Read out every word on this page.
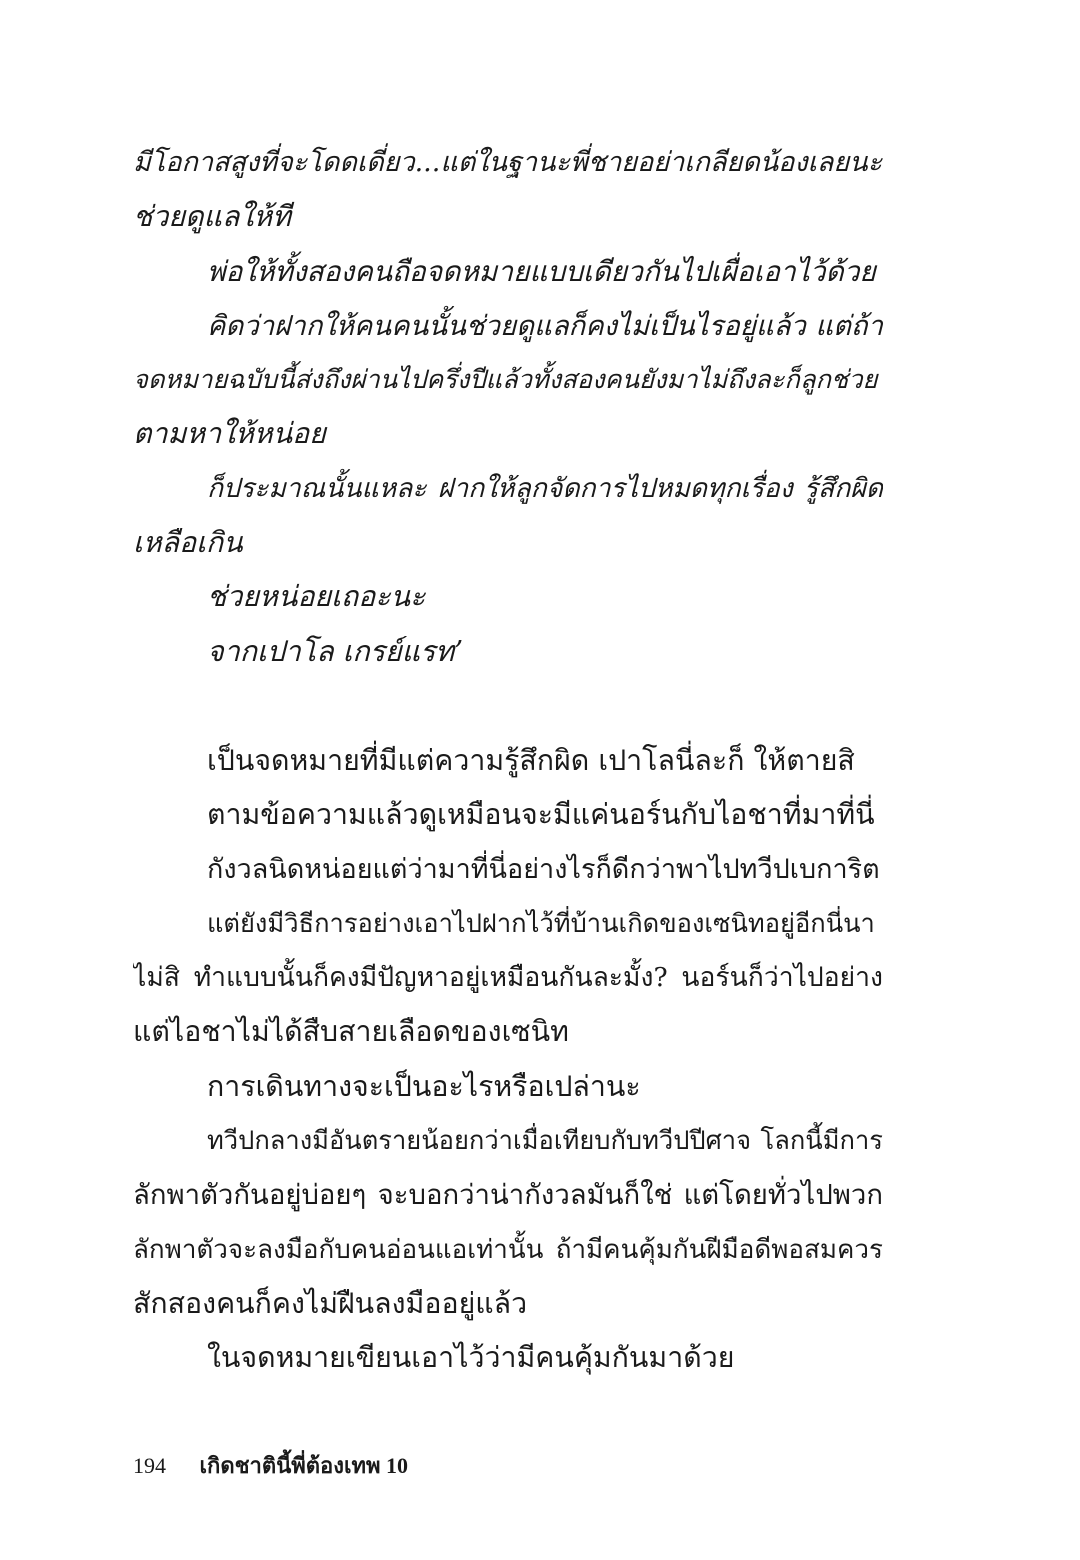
มีโอกาสสูงที่จะโดดเดี่ยว...แต่ในฐานะพี่ชายอย่าเกลียดน้องเลยนะ
ช่วยดูแลให้ที
พ่อให้ทั้งสองคนถือจดหมายแบบเดียวกันไปเผื่อเอาไว้ด้วย
คิดว่าฝากให้คนคนนั้นช่วยดูแลก็คงไม่เป็นไรอยู่แล้ว แต่ถ้า
จดหมายฉบับนี้ส่งถึงผ่านไปครึ่งปีแล้วทั้งสองคนยังมาไม่ถึงละก็ลูกช่วย
ตามหาให้หน่อย
ก็ประมาณนั้นแหละ ฝากให้ลูกจัดการไปหมดทุกเรื่อง รู้สึกผิด
เหลือเกิน
ช่วยหน่อยเถอะนะ
จากเปาโล เกรย์แรท’
เป็นจดหมายที่มีแต่ความรู้สึกผิด เปาโลนี่ละก็ ให้ตายสิ
ตามข้อความแล้วดูเหมือนจะมีแค่นอร์นกับไอชาที่มาที่นี่
กังวลนิดหน่อยแต่ว่ามาที่นี่อย่างไรก็ดีกว่าพาไปทวีปเบการิต
แต่ยังมีวิธีการอย่างเอาไปฝากไว้ที่บ้านเกิดของเซนิทอยู่อีกนี่นา
ไม่สิ ทำแบบนั้นก็คงมีปัญหาอยู่เหมือนกันละมั้ง? นอร์นก็ว่าไปอย่าง
แต่ไอชาไม่ได้สืบสายเลือดของเซนิท
การเดินทางจะเป็นอะไรหรือเปล่านะ
ทวีปกลางมีอันตรายน้อยกว่าเมื่อเทียบกับทวีปปีศาจ โลกนี้มีการ
ลักพาตัวกันอยู่บ่อยๆ จะบอกว่าน่ากังวลมันก็ใช่ แต่โดยทั่วไปพวก
ลักพาตัวจะลงมือกับคนอ่อนแอเท่านั้น ถ้ามีคนคุ้มกันฝีมือดีพอสมควร
สักสองคนก็คงไม่ฝืนลงมืออยู่แล้ว
ในจดหมายเขียนเอาไว้ว่ามีคนคุ้มกันมาด้วย
194 เกิดชาตินี้พี่ต้องเทพ 10
